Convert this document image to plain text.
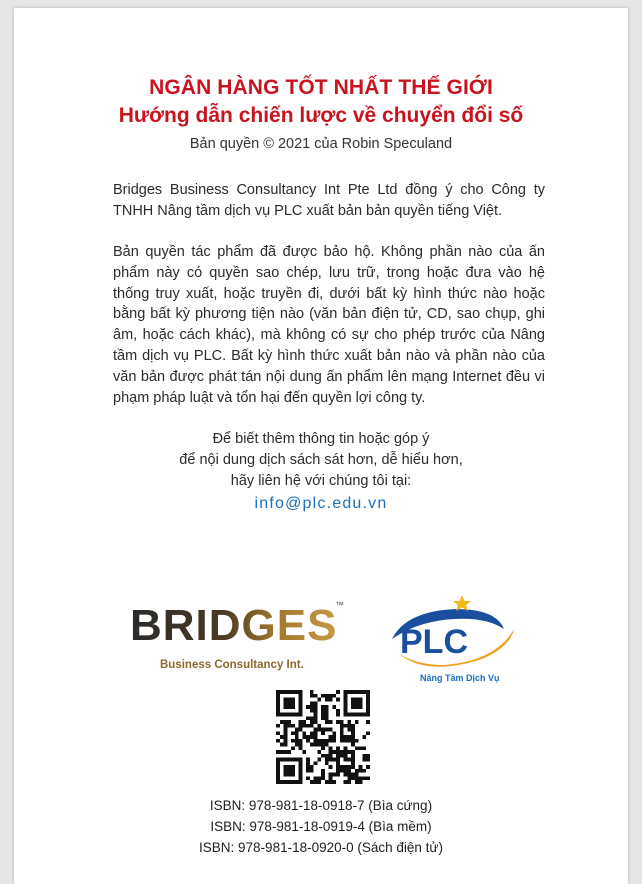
NGÂN HÀNG TỐT NHẤT THẾ GIỚI
Hướng dẫn chiến lược về chuyển đổi số
Bản quyền © 2021 của Robin Speculand
Bridges Business Consultancy Int Pte Ltd đồng ý cho Công ty TNHH Nâng tầm dịch vụ PLC xuất bản bản quyền tiếng Việt.
Bản quyền tác phẩm đã được bảo hộ. Không phần nào của ấn phẩm này có quyền sao chép, lưu trữ, trong hoặc đưa vào hệ thống truy xuất, hoặc truyền đi, dưới bất kỳ hình thức nào hoặc bằng bất kỳ phương tiện nào (văn bản điện tử, CD, sao chụp, ghi âm, hoặc cách khác), mà không có sự cho phép trước của Nâng tầm dịch vụ PLC. Bất kỳ hình thức xuất bản nào và phần nào của văn bản được phát tán nội dung ấn phẩm lên mạng Internet đều vi phạm pháp luật và tổn hại đến quyền lợi công ty.
Để biết thêm thông tin hoặc góp ý
để nội dung dịch sách sát hơn, dễ hiểu hơn,
hãy liên hệ với chúng tôi tại:
info@plc.edu.vn
BRIDGES
™
Business Consultancy Int.
PLC
Nâng Tầm Dịch Vụ
ISBN: 978-981-18-0918-7 (Bìa cứng)
ISBN: 978-981-18-0919-4 (Bìa mềm)
ISBN: 978-981-18-0920-0 (Sách điện tử)
